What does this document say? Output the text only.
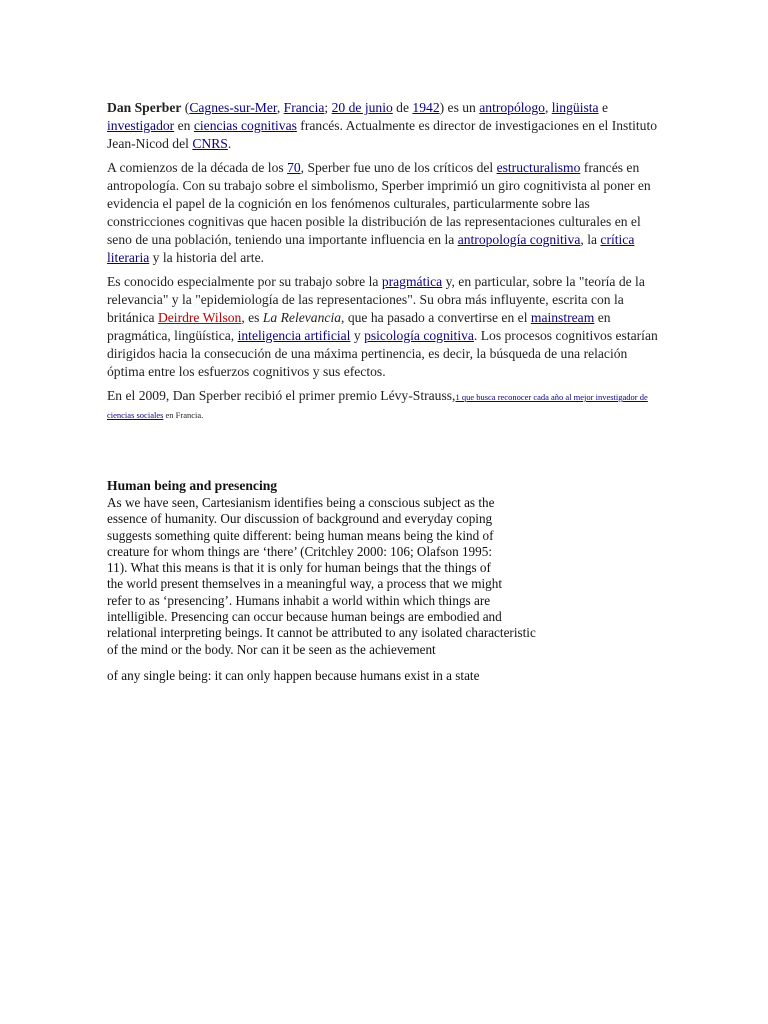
Dan Sperber (Cagnes-sur-Mer, Francia; 20 de junio de 1942) es un antropólogo, lingüista e investigador en ciencias cognitivas francés. Actualmente es director de investigaciones en el Instituto Jean-Nicod del CNRS.

A comienzos de la década de los 70, Sperber fue uno de los críticos del estructuralismo francés en antropología. Con su trabajo sobre el simbolismo, Sperber imprimió un giro cognitivista al poner en evidencia el papel de la cognición en los fenómenos culturales, particularmente sobre las constricciones cognitivas que hacen posible la distribución de las representaciones culturales en el seno de una población, teniendo una importante influencia en la antropología cognitiva, la crítica literaria y la historia del arte.

Es conocido especialmente por su trabajo sobre la pragmática y, en particular, sobre la "teoría de la relevancia" y la "epidemiología de las representaciones". Su obra más influyente, escrita con la británica Deirdre Wilson, es La Relevancia, que ha pasado a convertirse en el mainstream en pragmática, lingüística, inteligencia artificial y psicología cognitiva. Los procesos cognitivos estarían dirigidos hacia la consecución de una máxima pertinencia, es decir, la búsqueda de una relación óptima entre los esfuerzos cognitivos y sus efectos.

En el 2009, Dan Sperber recibió el primer premio Lévy-Strauss,1 que busca reconocer cada año al mejor investigador de ciencias sociales en Francia.

Human being and presencing
As we have seen, Cartesianism identifies being a conscious subject as the
essence of humanity. Our discussion of background and everyday coping
suggests something quite different: being human means being the kind of
creature for whom things are ‘there’ (Critchley 2000: 106; Olafson 1995:
11). What this means is that it is only for human beings that the things of
the world present themselves in a meaningful way, a process that we might
refer to as ‘presencing’. Humans inhabit a world within which things are
intelligible. Presencing can occur because human beings are embodied and
relational interpreting beings. It cannot be attributed to any isolated characteristic
of the mind or the body. Nor can it be seen as the achievement
of any single being: it can only happen because humans exist in a state
